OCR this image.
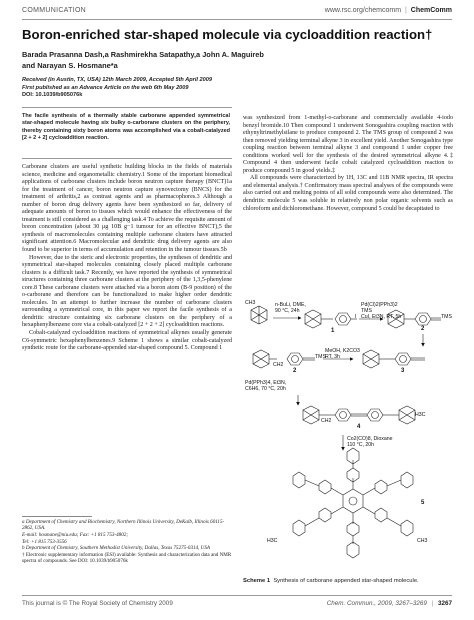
COMMUNICATION	www.rsc.org/chemcomm | ChemComm
Boron-enriched star-shaped molecule via cycloaddition reaction†
Barada Prasanna Dash,a Rashmirekha Satapathy,a John A. Maguireb
and Narayan S. Hosmane*a
Received (in Austin, TX, USA) 12th March 2009, Accepted 5th April 2009
First published as an Advance Article on the web 6th May 2009
DOI: 10.1039/b905076k
The facile synthesis of a thermally stable carborane appended symmetrical star-shaped molecule having six bulky o-carborane clusters on the periphery, thereby containing sixty boron atoms was accomplished via a cobalt-catalyzed [2 + 2 + 2] cycloaddition reaction.

Carborane clusters are useful synthetic building blocks in the fields of materials science, medicine and organometallic chemistry.1 Some of the important biomedical applications of carborane clusters include boron neutron capture therapy (BNCT)1a for the treatment of cancer, boron neutron capture synovectomy (BNCS) for the treatment of arthritis,2 as contrast agents and as pharmacophores.3 Although a number of boron drug delivery agents have been synthesized so far, delivery of adequate amounts of boron to tissues which would enhance the effectiveness of the treatment is still considered as a challenging task.4 To achieve the requisite amount of boron concentration (about 30 μg 10B g−1 tumour for an effective BNCT),5 the synthesis of macromolecules containing multiple carborane clusters have attracted significant attention.6 Macromolecular and dendritic drug delivery agents are also found to be superior in terms of accumulation and retention in the tumour tissues.5b

However, due to the steric and electronic properties, the syntheses of dendritic and symmetrical star-shaped molecules containing closely placed multiple carborane clusters is a difficult task.7 Recently, we have reported the synthesis of symmetrical structures containing three carborane clusters at the periphery of the 1,3,5-phenylene core.8 These carborane clusters were attached via a boron atom (B-9 position) of the o-carborane and therefore can be functionalized to make higher order dendritic molecules. In an attempt to further increase the number of carborane clusters surrounding a symmetrical core, in this paper we report the facile synthesis of a dendritic structure containing six carborane clusters on the periphery of a hexaphenylbenzene core via a cobalt-catalyzed [2 + 2 + 2] cycloaddition reactions.

Cobalt-catalyzed cycloaddition reactions of symmetrical alkynes usually generate C6-symmetric hexaphenylbenzenes.9 Scheme 1 shows a similar cobalt-catalyzed synthetic route for the carborane-appended star-shaped compound 5. Compound 1

a Department of Chemistry and Biochemistry, Northern Illinois University, DeKalb, Illinois 60115-2862, USA.
E-mail: hosmane@niu.edu; Fax: +1 815 753-4802;
Tel: +1 815 753-3556
b Department of Chemistry, Southern Methodist University, Dallas, Texas 75275-0314, USA
† Electronic supplementary information (ESI) available: Synthesis and characterization data and NMR spectra of compounds. See DOI: 10.1039/b905076k

was synthesized from 1-methyl-o-carborane and commercially available 4-iodo benzyl bromide.10 Then compound 1 underwent Sonogashira coupling reaction with ethynyltrimethylsilane to produce compound 2. The TMS group of compound 2 was then removed yielding terminal alkyne 3 in excellent yield. Another Sonogashira type coupling reaction between terminal alkyne 3 and compound 1 under copper free conditions worked well for the synthesis of the desired symmetrical alkyne 4.‡ Compound 4 then underwent facile cobalt catalyzed cycloaddition reaction to produce compound 5 in good yields.‡

All compounds were characterized by 1H, 13C and 11B NMR spectra, IR spectra and elemental analysis.† Confirmatory mass spectral analyses of the compounds were also carried out and melting points of all solid compounds were also determined. The dendritic molecule 5 was soluble in relatively non polar organic solvents such as chloroform and dichloromethane. However, compound 5 could be decapitated to

n-BuLi, DME,
90 °C, 24h
CH3
I
Pd(Cl)2(PPh3)2
TMS
CuI, Et3N, RT, 5h	TMS
1	2
MeOH, K2CO3
RT, 3h
TMS
CH2
2	3
Pd(PPh3)4, Et3N,
C6H6, 70 °C, 20h
CH2
H3C
4
Co2(CO)8, Dioxane
110 °C, 20h
H3C	CH3
5
Scheme 1 Synthesis of carborane appended star-shaped molecule.
This journal is © The Royal Society of Chemistry 2009	Chem. Commun., 2009, 3267–3269 | 3267
